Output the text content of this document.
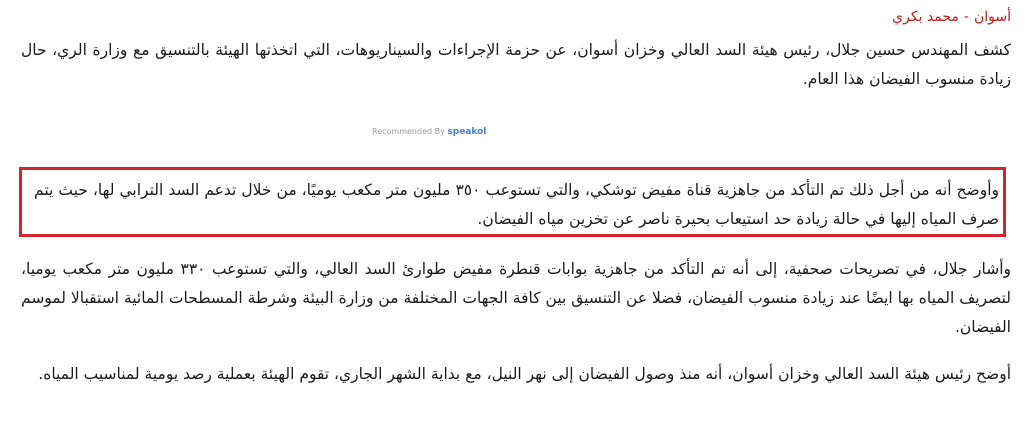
أسوان-محمد بكري

كشف المهندس حسين جلال، رئيس هيئة السد العالي وخزان أسوان، عن حزمة الإجراءات والسيناريوهات، التي اتخذتها الهيئة بالتنسيق مع وزارة الري، حال زيادة منسوب الفيضان هذا العام.

Recommended By speakol

وأوضح أنه من أجل ذلك تم التأكد من جاهزية قناة مفيض توشكي، والتي تستوعب ٣٥٠ مليون متر مكعب يوميًا، من خلال تدعم السد الترابي لها، حيث يتم صرف المياه إليها في حالة زيادة حد استيعاب بحيرة ناصر عن تخزين مياه الفيضان.

وأشار جلال، في تصريحات صحفية، إلى أنه تم التأكد من جاهزية بوابات قنطرة مفيض طوارئ السد العالي، والتي تستوعب ٣٣٠ مليون متر مكعب يوميا، لتصريف المياه بها ايضًا عند زيادة منسوب الفيضان، فضلا عن التنسيق بين كافة الجهات المختلفة من وزارة البيئة وشرطة المسطحات المائية استقبالا لموسم الفيضان.

أوضح رئيس هيئة السد العالي وخزان أسوان، أنه منذ وصول الفيضان إلى نهر النيل، مع بداية الشهر الجاري، تقوم الهيئة بعملية رصد يومية لمناسيب المياه.
